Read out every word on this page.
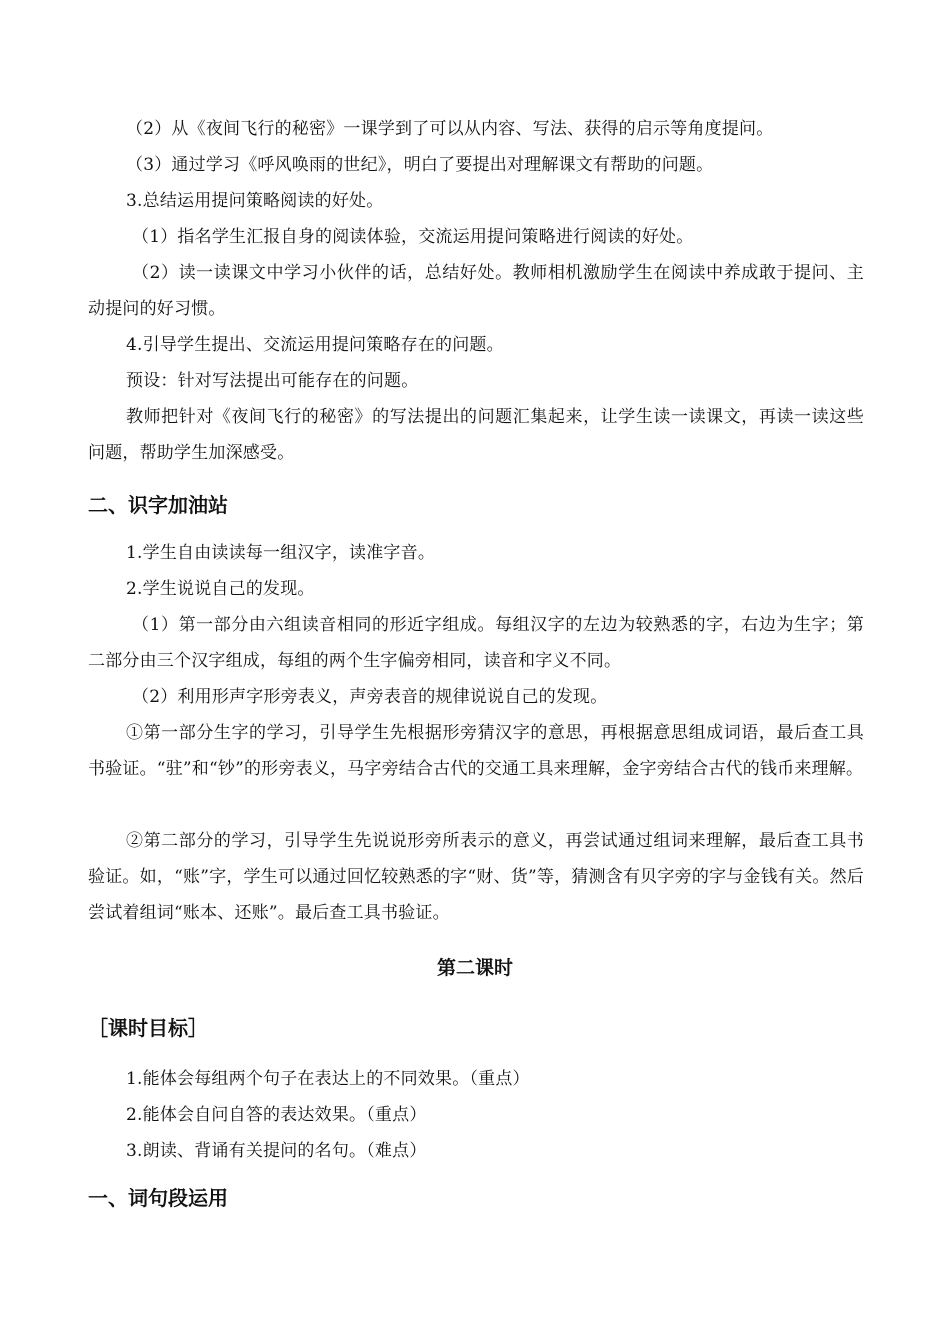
（2）从《夜间飞行的秘密》一课学到了可以从内容、写法、获得的启示等角度提问。

（3）通过学习《呼风唤雨的世纪》，明白了要提出对理解课文有帮助的问题。

3.总结运用提问策略阅读的好处。

（1）指名学生汇报自身的阅读体验，交流运用提问策略进行阅读的好处。

（2）读一读课文中学习小伙伴的话，总结好处。教师相机激励学生在阅读中养成敢于提问、主动提问的好习惯。

4.引导学生提出、交流运用提问策略存在的问题。

预设：针对写法提出可能存在的问题。

教师把针对《夜间飞行的秘密》的写法提出的问题汇集起来，让学生读一读课文，再读一读这些问题，帮助学生加深感受。

二、识字加油站

1.学生自由读读每一组汉字，读准字音。

2.学生说说自己的发现。

（1）第一部分由六组读音相同的形近字组成。每组汉字的左边为较熟悉的字，右边为生字；第二部分由三个汉字组成，每组的两个生字偏旁相同，读音和字义不同。

（2）利用形声字形旁表义，声旁表音的规律说说自己的发现。

①第一部分生字的学习，引导学生先根据形旁猜汉字的意思，再根据意思组成词语，最后查工具书验证。“驻”和“钞”的形旁表义，马字旁结合古代的交通工具来理解，金字旁结合古代的钱币来理解。

②第二部分的学习，引导学生先说说形旁所表示的意义，再尝试通过组词来理解，最后查工具书验证。如，“账”字，学生可以通过回忆较熟悉的字“财、货”等，猜测含有贝字旁的字与金钱有关。然后尝试着组词“账本、还账”。最后查工具书验证。

第二课时
［课时目标］

1.能体会每组两个句子在表达上的不同效果。（重点）

2.能体会自问自答的表达效果。（重点）

3.朗读、背诵有关提问的名句。（难点）

一、词句段运用
